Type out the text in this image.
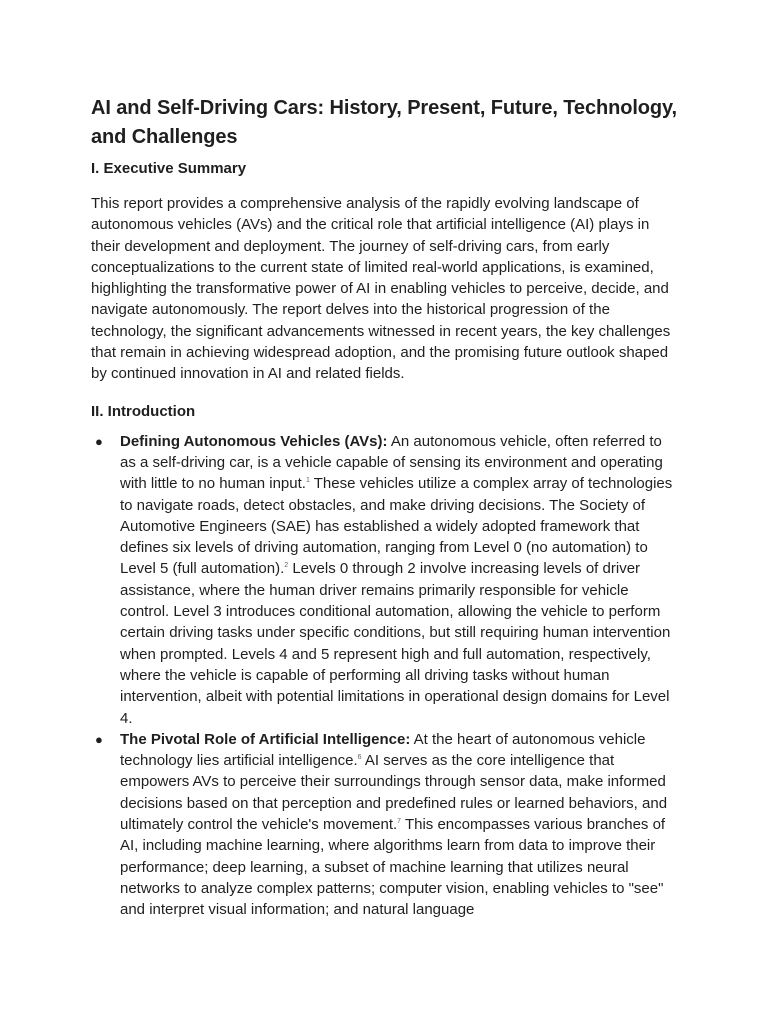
AI and Self-Driving Cars: History, Present, Future, Technology, and Challenges
I. Executive Summary

This report provides a comprehensive analysis of the rapidly evolving landscape of autonomous vehicles (AVs) and the critical role that artificial intelligence (AI) plays in their development and deployment. The journey of self-driving cars, from early conceptualizations to the current state of limited real-world applications, is examined, highlighting the transformative power of AI in enabling vehicles to perceive, decide, and navigate autonomously. The report delves into the historical progression of the technology, the significant advancements witnessed in recent years, the key challenges that remain in achieving widespread adoption, and the promising future outlook shaped by continued innovation in AI and related fields.

II. Introduction
● Defining Autonomous Vehicles (AVs): An autonomous vehicle, often referred to as a self-driving car, is a vehicle capable of sensing its environment and operating with little to no human input.$^1$ These vehicles utilize a complex array of technologies to navigate roads, detect obstacles, and make driving decisions. The Society of Automotive Engineers (SAE) has established a widely adopted framework that defines six levels of driving automation, ranging from Level 0 (no automation) to Level 5 (full automation).$^2$ Levels 0 through 2 involve increasing levels of driver assistance, where the human driver remains primarily responsible for vehicle control. Level 3 introduces conditional automation, allowing the vehicle to perform certain driving tasks under specific conditions, but still requiring human intervention when prompted. Levels 4 and 5 represent high and full automation, respectively, where the vehicle is capable of performing all driving tasks without human intervention, albeit with potential limitations in operational design domains for Level 4.
● The Pivotal Role of Artificial Intelligence: At the heart of autonomous vehicle technology lies artificial intelligence.$^6$ AI serves as the core intelligence that empowers AVs to perceive their surroundings through sensor data, make informed decisions based on that perception and predefined rules or learned behaviors, and ultimately control the vehicle's movement.$^7$ This encompasses various branches of AI, including machine learning, where algorithms learn from data to improve their performance; deep learning, a subset of machine learning that utilizes neural networks to analyze complex patterns; computer vision, enabling vehicles to "see" and interpret visual information; and natural language
